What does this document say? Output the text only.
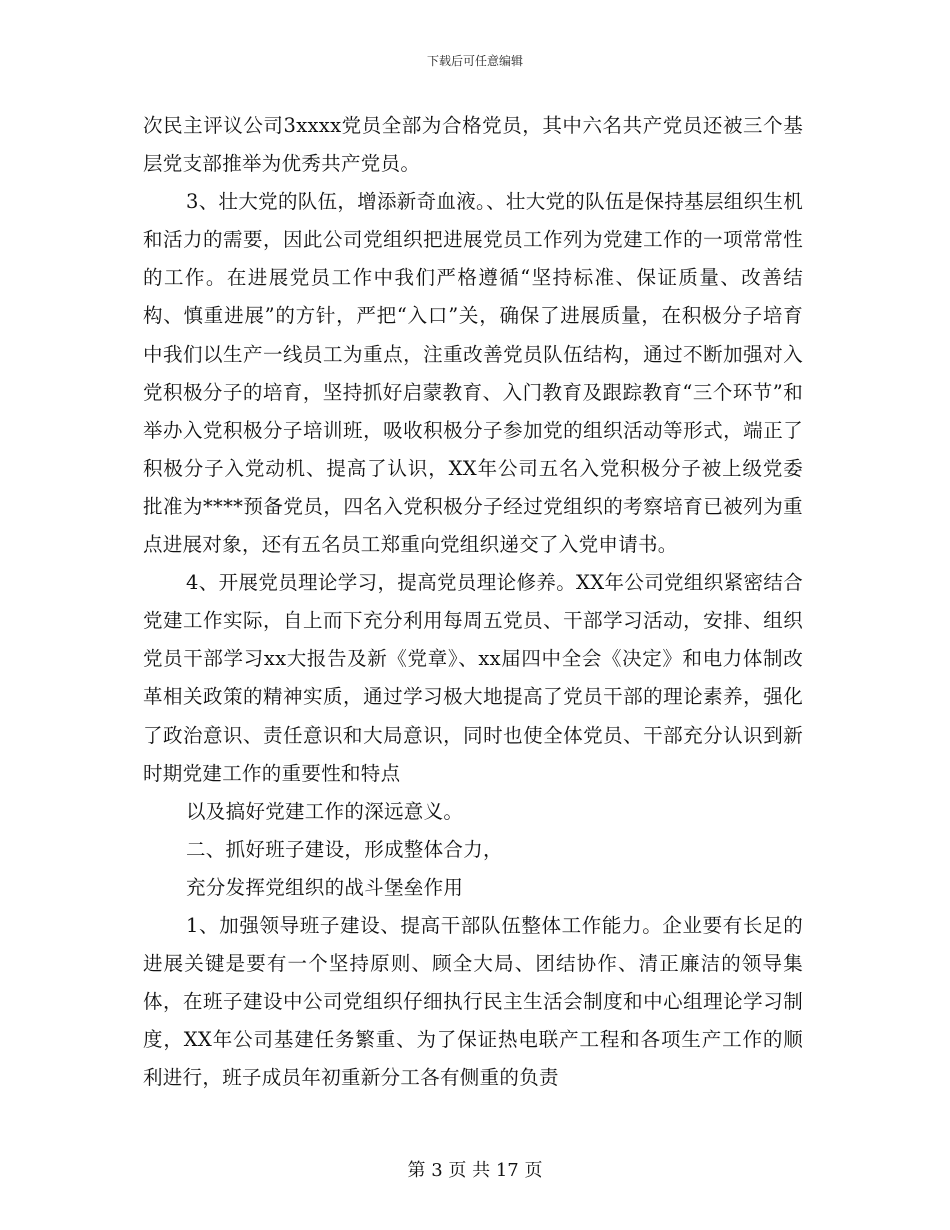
下载后可任意编辑

次民主评议公司3xxxx党员全部为合格党员，其中六名共产党员还被三个基层党支部推举为优秀共产党员。

3、壮大党的队伍，增添新奇血液。、壮大党的队伍是保持基层组织生机和活力的需要，因此公司党组织把进展党员工作列为党建工作的一项常常性的工作。在进展党员工作中我们严格遵循“坚持标准、保证质量、改善结构、慎重进展”的方针，严把“入口”关，确保了进展质量，在积极分子培育中我们以生产一线员工为重点，注重改善党员队伍结构，通过不断加强对入党积极分子的培育，坚持抓好启蒙教育、入门教育及跟踪教育“三个环节”和举办入党积极分子培训班，吸收积极分子参加党的组织活动等形式，端正了积极分子入党动机、提高了认识，XX年公司五名入党积极分子被上级党委批准为****预备党员，四名入党积极分子经过党组织的考察培育已被列为重点进展对象，还有五名员工郑重向党组织递交了入党申请书。

4、开展党员理论学习，提高党员理论修养。XX年公司党组织紧密结合党建工作实际，自上而下充分利用每周五党员、干部学习活动，安排、组织党员干部学习xx大报告及新《党章》、xx届四中全会《决定》和电力体制改革相关政策的精神实质，通过学习极大地提高了党员干部的理论素养，强化了政治意识、责任意识和大局意识，同时也使全体党员、干部充分认识到新时期党建工作的重要性和特点

以及搞好党建工作的深远意义。

二、抓好班子建设，形成整体合力，

充分发挥党组织的战斗堡垒作用

1、加强领导班子建设、提高干部队伍整体工作能力。企业要有长足的进展关键是要有一个坚持原则、顾全大局、团结协作、清正廉洁的领导集体，在班子建设中公司党组织仔细执行民主生活会制度和中心组理论学习制度，XX年公司基建任务繁重、为了保证热电联产工程和各项生产工作的顺利进行，班子成员年初重新分工各有侧重的负责

第 3 页 共 17 页
